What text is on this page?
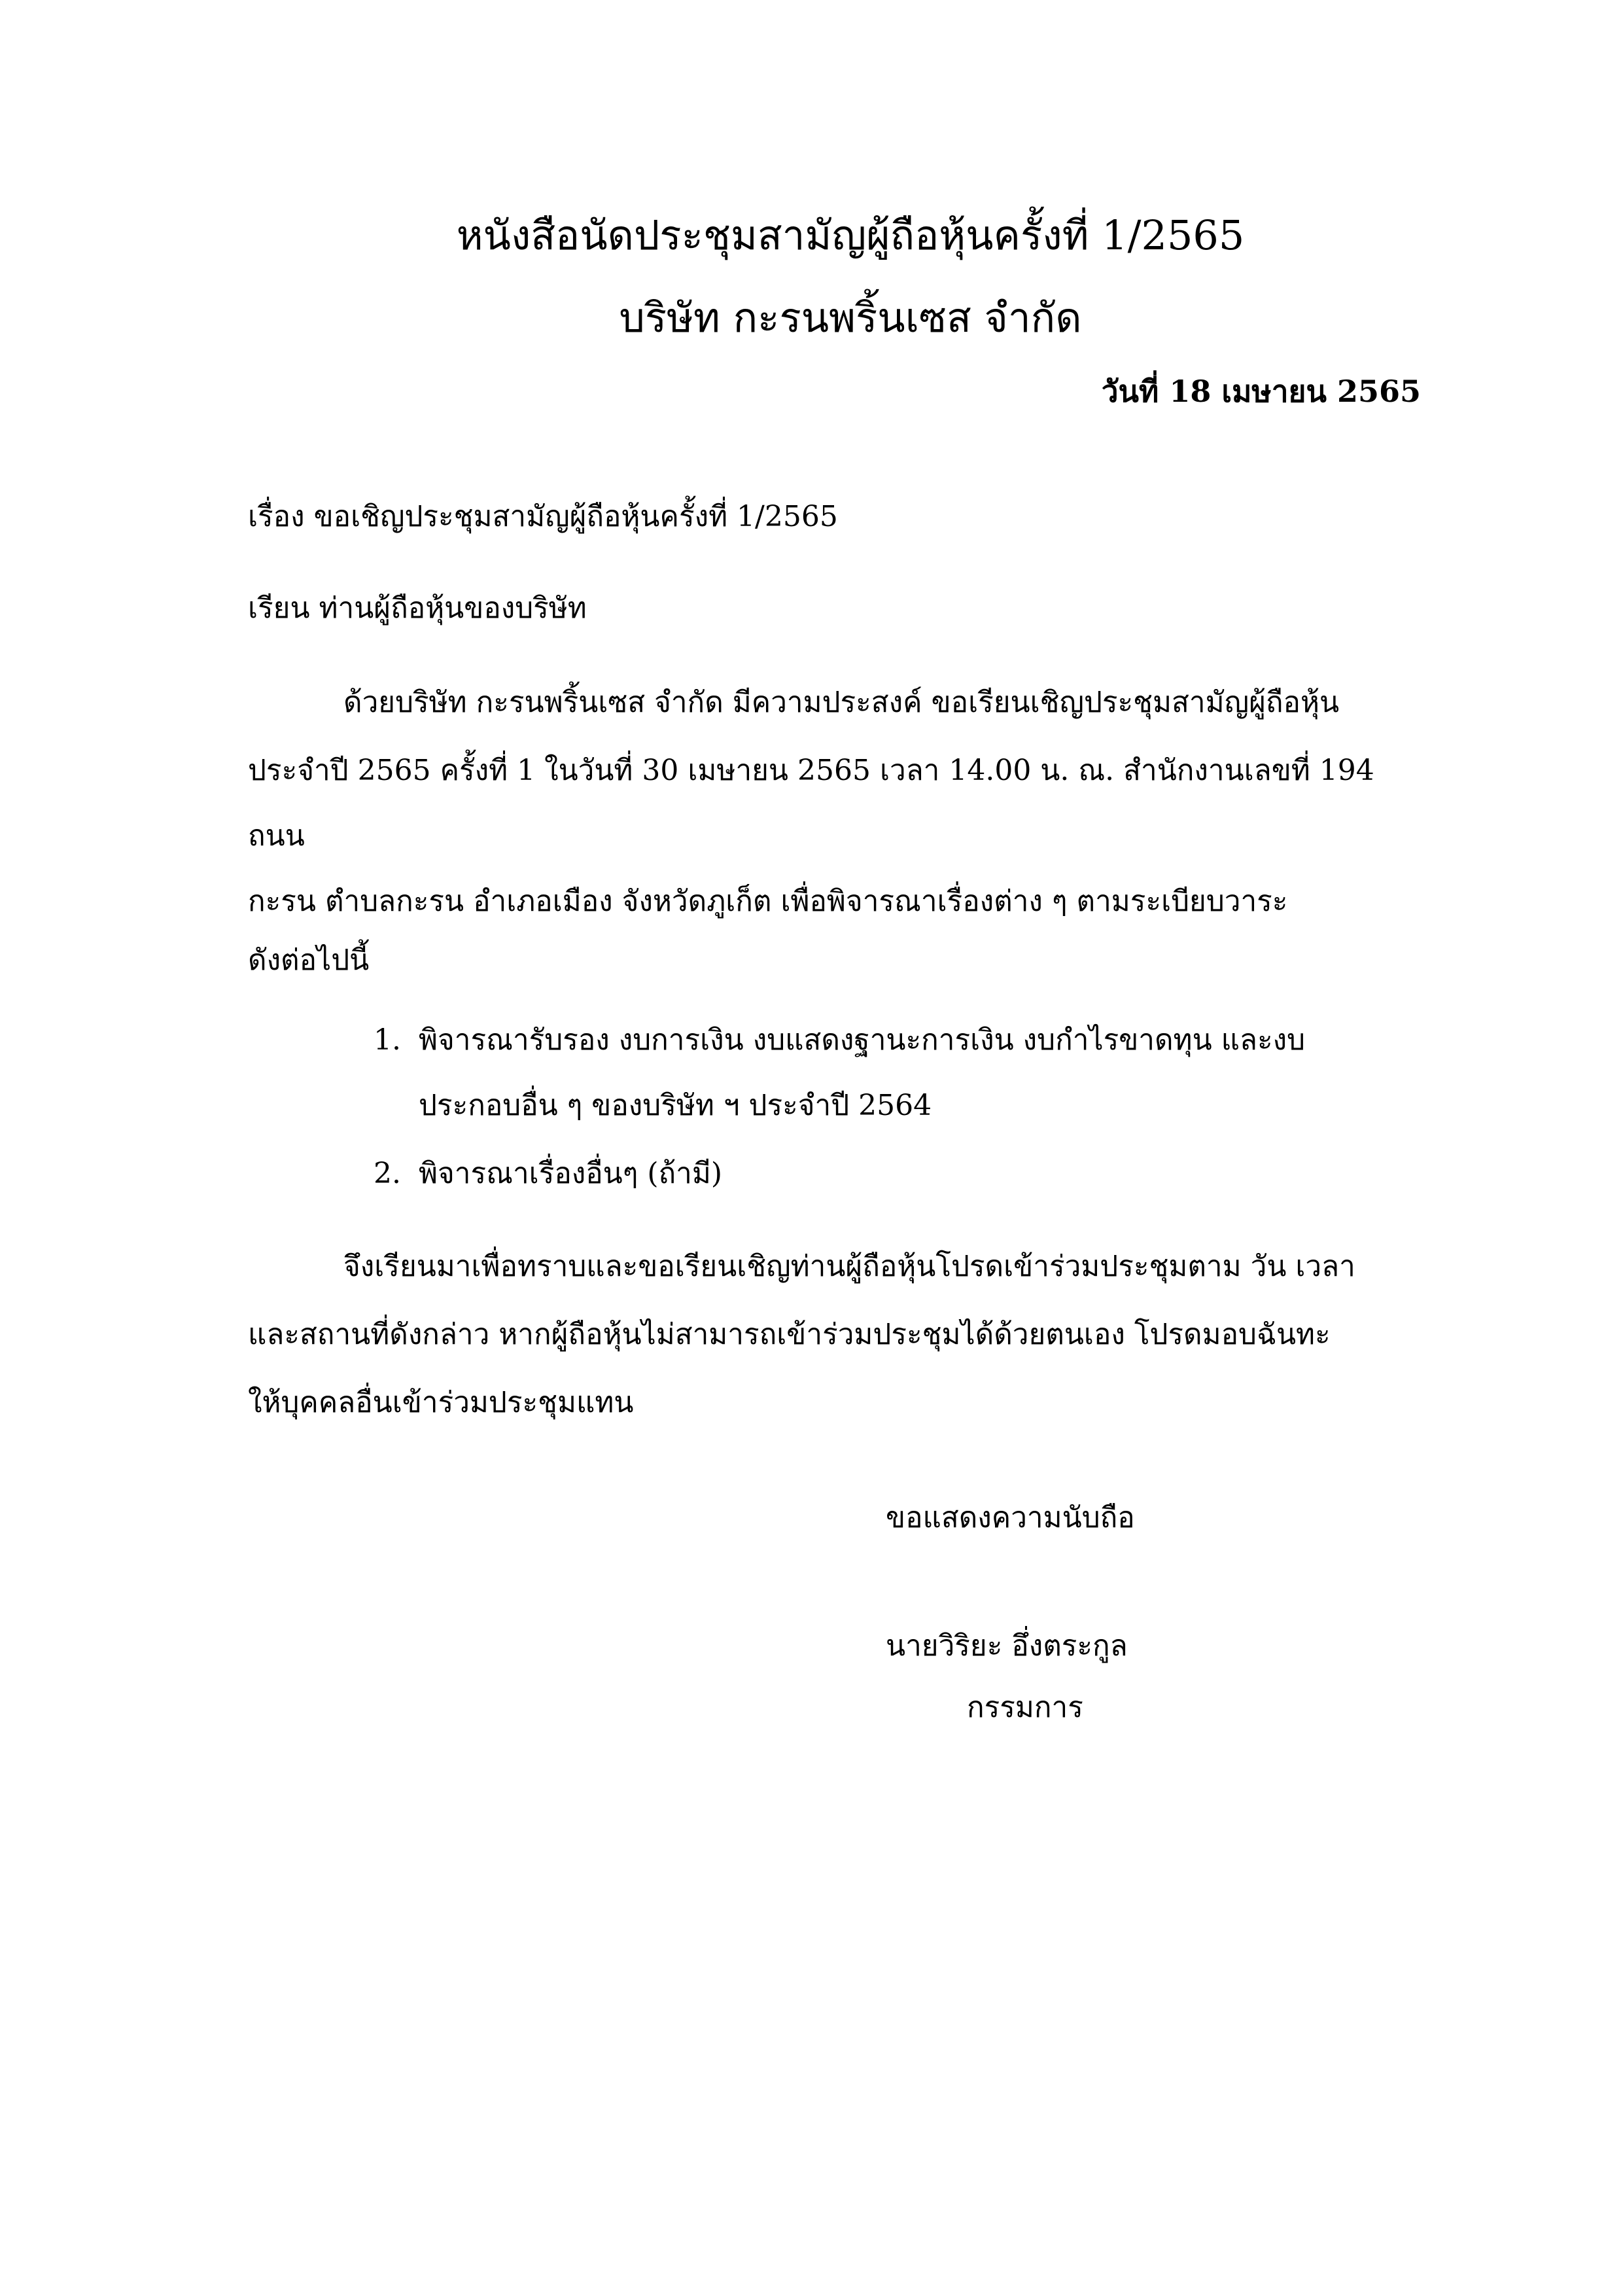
หนังสือนัดประชุมสามัญผู้ถือหุ้นครั้งที่ 1/2565
บริษัท กะรนพริ้นเซส จำกัด
วันที่ 18 เมษายน 2565
เรื่อง ขอเชิญประชุมสามัญผู้ถือหุ้นครั้งที่ 1/2565
เรียน ท่านผู้ถือหุ้นของบริษัท
ด้วยบริษัท กะรนพริ้นเซส จำกัด มีความประสงค์ ขอเรียนเชิญประชุมสามัญผู้ถือหุ้น
ประจำปี 2565 ครั้งที่ 1 ในวันที่ 30 เมษายน 2565 เวลา 14.00 น. ณ. สำนักงานเลขที่ 194
ถนน
กะรน ตำบลกะรน อำเภอเมือง จังหวัดภูเก็ต เพื่อพิจารณาเรื่องต่าง ๆ ตามระเบียบวาระ
ดังต่อไปนี้
1. พิจารณารับรอง งบการเงิน งบแสดงฐานะการเงิน งบกำไรขาดทุน และงบ
ประกอบอื่น ๆ ของบริษัท ฯ ประจำปี 2564
2. พิจารณาเรื่องอื่นๆ (ถ้ามี)
จึงเรียนมาเพื่อทราบและขอเรียนเชิญท่านผู้ถือหุ้นโปรดเข้าร่วมประชุมตาม วัน เวลา
และสถานที่ดังกล่าว หากผู้ถือหุ้นไม่สามารถเข้าร่วมประชุมได้ด้วยตนเอง โปรดมอบฉันทะ
ให้บุคคลอื่นเข้าร่วมประชุมแทน
ขอแสดงความนับถือ
นายวิริยะ อึ่งตระกูล
กรรมการ
